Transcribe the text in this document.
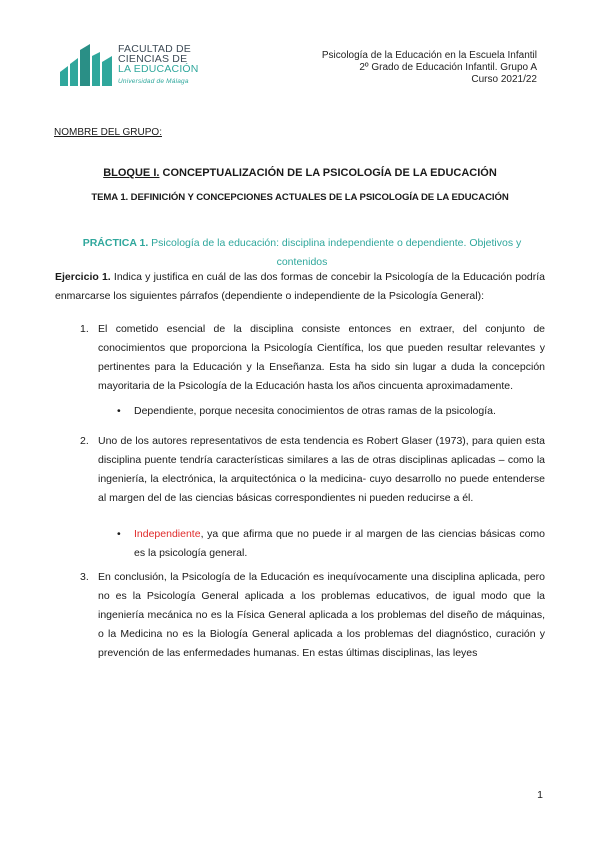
FACULTAD DE
CIENCIAS DE
LA EDUCACIÓN
Universidad de Málaga
Psicología de la Educación en la Escuela Infantil
2º Grado de Educación Infantil. Grupo A
Curso 2021/22
NOMBRE DEL GRUPO:
BLOQUE I. CONCEPTUALIZACIÓN DE LA PSICOLOGÍA DE LA EDUCACIÓN
TEMA 1. DEFINICIÓN Y CONCEPCIONES ACTUALES DE LA PSICOLOGÍA DE LA EDUCACIÓN
PRÁCTICA 1. Psicología de la educación: disciplina independiente o dependiente. Objetivos y contenidos
Ejercicio 1. Indica y justifica en cuál de las dos formas de concebir la Psicología de la Educación podría enmarcarse los siguientes párrafos (dependiente o independiente de la Psicología General):
1. El cometido esencial de la disciplina consiste entonces en extraer, del conjunto de conocimientos que proporciona la Psicología Científica, los que pueden resultar relevantes y pertinentes para la Educación y la Enseñanza. Esta ha sido sin lugar a duda la concepción mayoritaria de la Psicología de la Educación hasta los años cincuenta aproximadamente.
• Dependiente, porque necesita conocimientos de otras ramas de la psicología.
2. Uno de los autores representativos de esta tendencia es Robert Glaser (1973), para quien esta disciplina puente tendría características similares a las de otras disciplinas aplicadas – como la ingeniería, la electrónica, la arquitectónica o la medicina- cuyo desarrollo no puede entenderse al margen del de las ciencias básicas correspondientes ni pueden reducirse a él.
• Independiente, ya que afirma que no puede ir al margen de las ciencias básicas como es la psicología general.
3. En conclusión, la Psicología de la Educación es inequívocamente una disciplina aplicada, pero no es la Psicología General aplicada a los problemas educativos, de igual modo que la ingeniería mecánica no es la Física General aplicada a los problemas del diseño de máquinas, o la Medicina no es la Biología General aplicada a los problemas del diagnóstico, curación y prevención de las enfermedades humanas. En estas últimas disciplinas, las leyes
1
